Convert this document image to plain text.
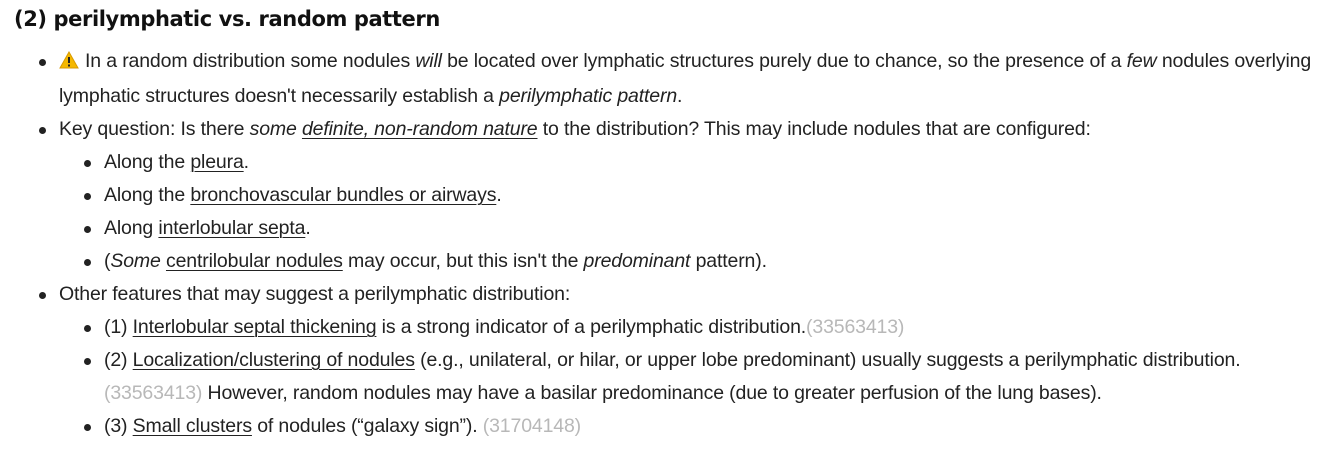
(2) perilymphatic vs. random pattern
In a random distribution some nodules will be located over lymphatic structures purely due to chance, so the presence of a few nodules overlying lymphatic structures doesn't necessarily establish a perilymphatic pattern.
Key question: Is there some definite, non-random nature to the distribution? This may include nodules that are configured:
Along the pleura.
Along the bronchovascular bundles or airways.
Along interlobular septa.
(Some centrilobular nodules may occur, but this isn't the predominant pattern).
Other features that may suggest a perilymphatic distribution:
(1) Interlobular septal thickening is a strong indicator of a perilymphatic distribution.(33563413)
(2) Localization/clustering of nodules (e.g., unilateral, or hilar, or upper lobe predominant) usually suggests a perilymphatic distribution. (33563413) However, random nodules may have a basilar predominance (due to greater perfusion of the lung bases).
(3) Small clusters of nodules (“galaxy sign”). (31704148)
